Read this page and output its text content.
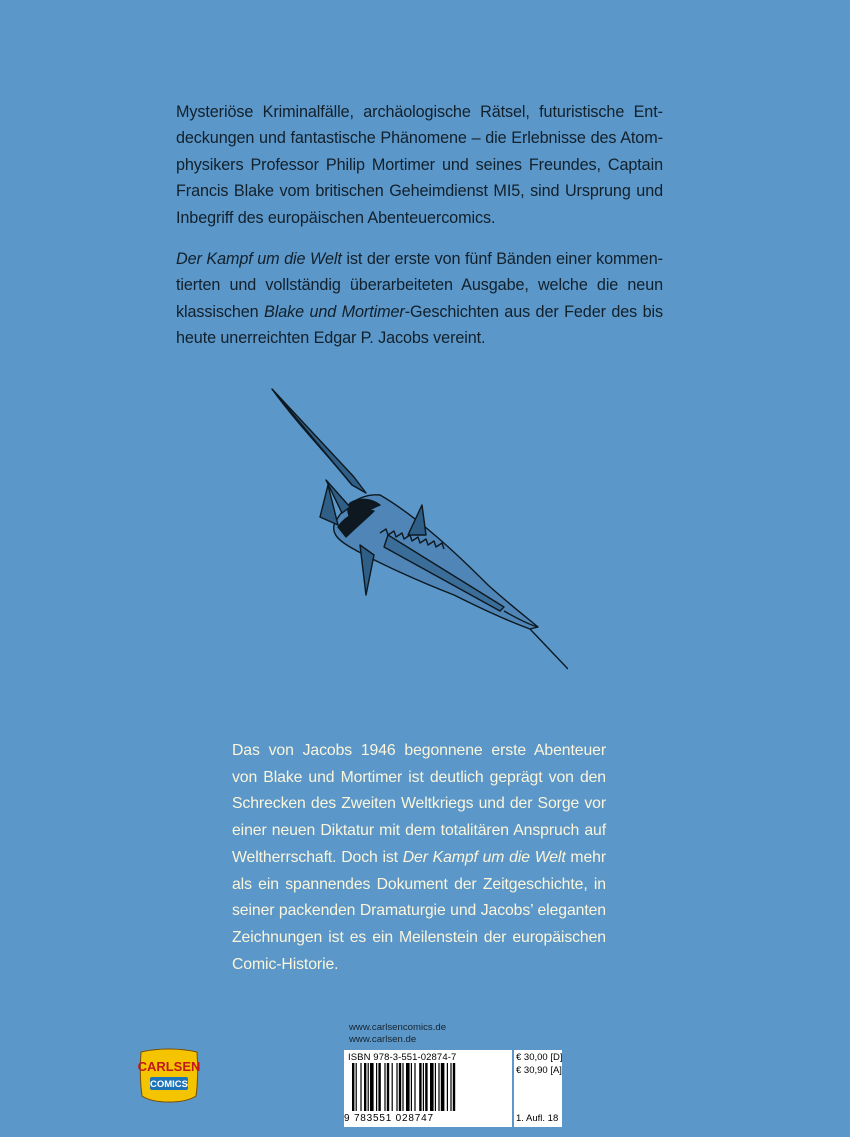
Mysteriöse Kriminalfälle, archäologische Rätsel, futuristische Entdeckungen und fantastische Phänomene – die Erlebnisse des Atomphysikers Professor Philip Mortimer und seines Freundes, Captain Francis Blake vom britischen Geheimdienst MI5, sind Ursprung und Inbegriff des europäischen Abenteuercomics.
Der Kampf um die Welt ist der erste von fünf Bänden einer kommentierten und vollständig überarbeiteten Ausgabe, welche die neun klassischen Blake und Mortimer-Geschichten aus der Feder des bis heute unerreichten Edgar P. Jacobs vereint.
Das von Jacobs 1946 begonnene erste Abenteuer von Blake und Mortimer ist deutlich geprägt von den Schrecken des Zweiten Weltkriegs und der Sorge vor einer neuen Diktatur mit dem totalitären Anspruch auf Weltherrschaft. Doch ist Der Kampf um die Welt mehr als ein spannendes Dokument der Zeitgeschichte, in seiner packenden Dramaturgie und Jacobs’ eleganten Zeichnungen ist es ein Meilenstein der europäischen Comic-Historie.
www.carlsencomics.de
www.carlsen.de
CARLSEN
COMICS
ISBN 978-3-551-02874-7
9 783551 028747
€ 30,00 [D]
€ 30,90 [A]
1. Aufl. 18
